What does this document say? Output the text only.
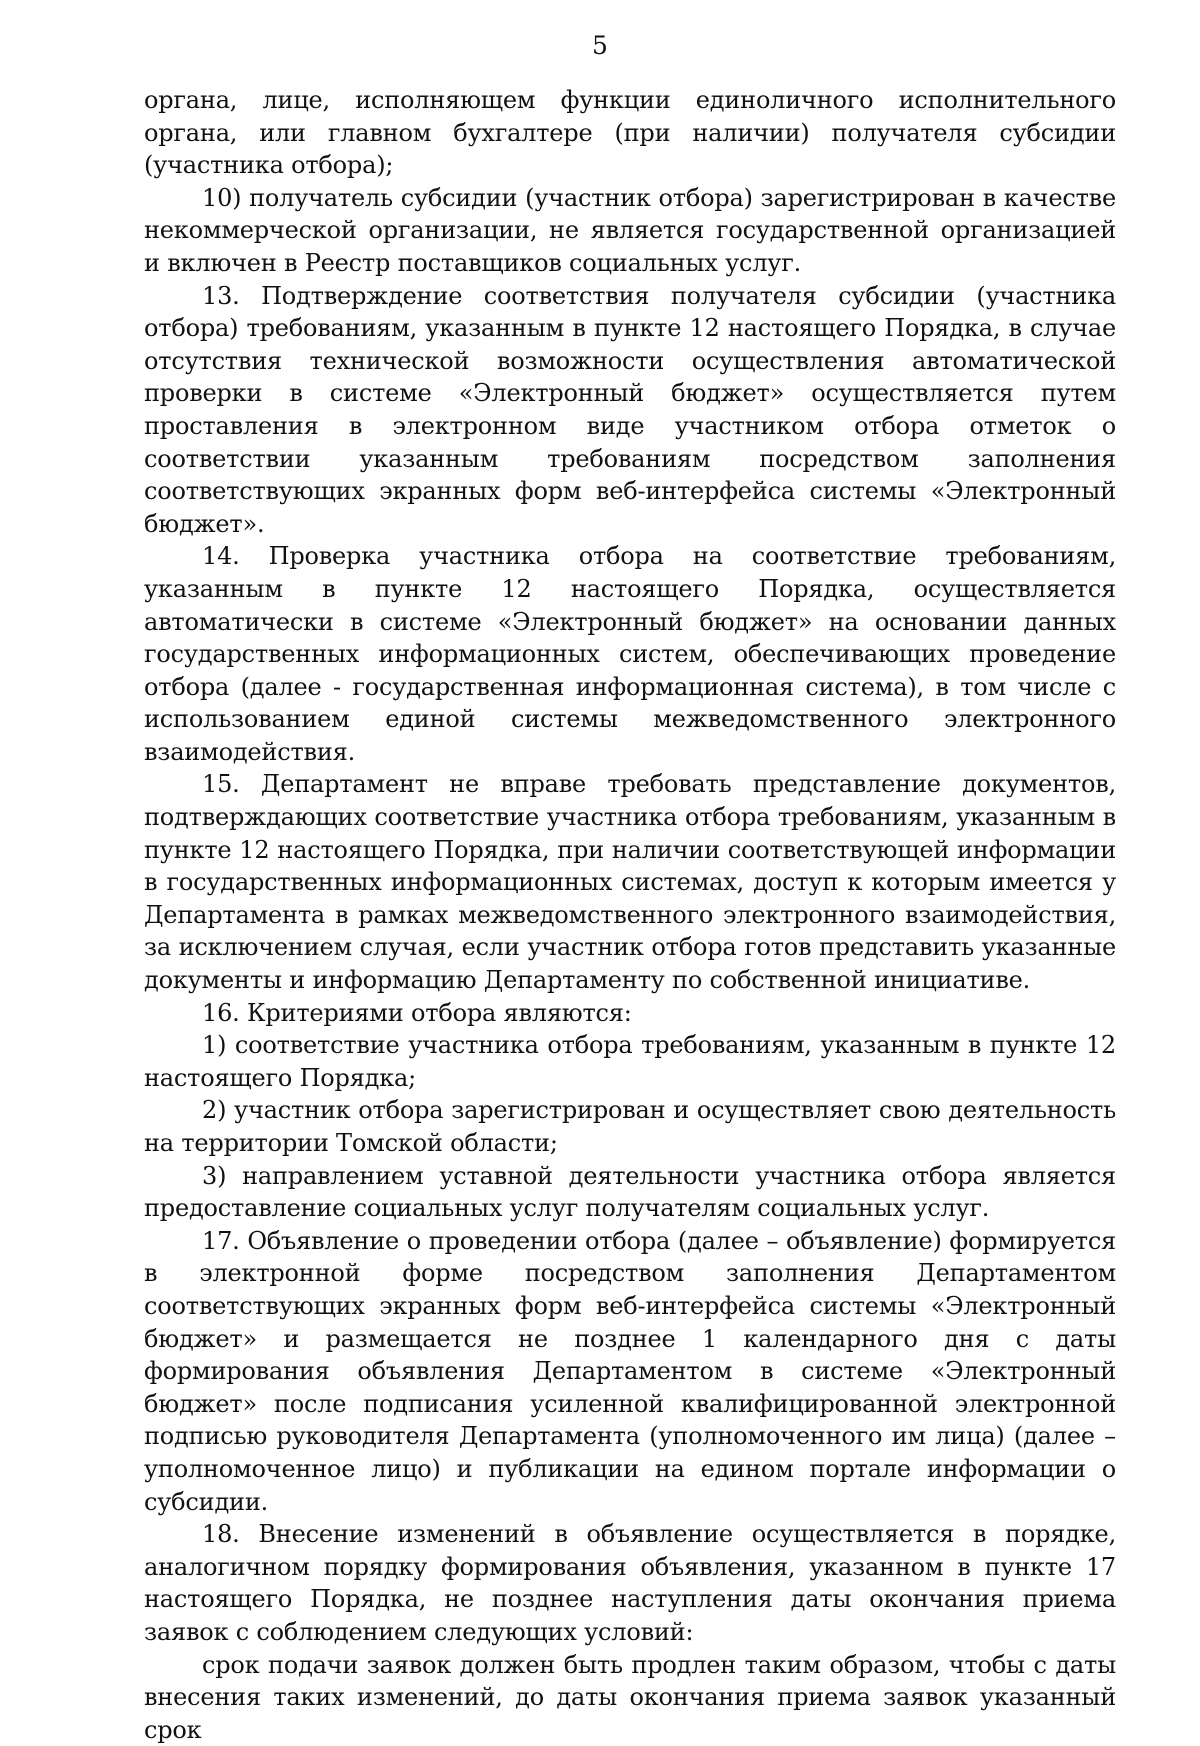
5

органа, лице, исполняющем функции единоличного исполнительного органа, или главном бухгалтере (при наличии) получателя субсидии (участника отбора);

10) получатель субсидии (участник отбора) зарегистрирован в качестве некоммерческой организации, не является государственной организацией и включен в Реестр поставщиков социальных услуг.

13. Подтверждение соответствия получателя субсидии (участника отбора) требованиям, указанным в пункте 12 настоящего Порядка, в случае отсутствия технической возможности осуществления автоматической проверки в системе «Электронный бюджет» осуществляется путем проставления в электронном виде участником отбора отметок о соответствии указанным требованиям посредством заполнения соответствующих экранных форм веб-интерфейса системы «Электронный бюджет».

14. Проверка участника отбора на соответствие требованиям, указанным в пункте 12 настоящего Порядка, осуществляется автоматически в системе «Электронный бюджет» на основании данных государственных информационных систем, обеспечивающих проведение отбора (далее - государственная информационная система), в том числе с использованием единой системы межведомственного электронного взаимодействия.

15. Департамент не вправе требовать представление документов, подтверждающих соответствие участника отбора требованиям, указанным в пункте 12 настоящего Порядка, при наличии соответствующей информации в государственных информационных системах, доступ к которым имеется у Департамента в рамках межведомственного электронного взаимодействия, за исключением случая, если участник отбора готов представить указанные документы и информацию Департаменту по собственной инициативе.

16. Критериями отбора являются:

1) соответствие участника отбора требованиям, указанным в пункте 12 настоящего Порядка;

2) участник отбора зарегистрирован и осуществляет свою деятельность на территории Томской области;

3) направлением уставной деятельности участника отбора является предоставление социальных услуг получателям социальных услуг.

17. Объявление о проведении отбора (далее – объявление) формируется в электронной форме посредством заполнения Департаментом соответствующих экранных форм веб-интерфейса системы «Электронный бюджет» и размещается не позднее 1 календарного дня с даты формирования объявления Департаментом в системе «Электронный бюджет» после подписания усиленной квалифицированной электронной подписью руководителя Департамента (уполномоченного им лица) (далее – уполномоченное лицо) и публикации на едином портале информации о субсидии.

18. Внесение изменений в объявление осуществляется в порядке, аналогичном порядку формирования объявления, указанном в пункте 17 настоящего Порядка, не позднее наступления даты окончания приема заявок с соблюдением следующих условий:

срок подачи заявок должен быть продлен таким образом, чтобы с даты внесения таких изменений, до даты окончания приема заявок указанный срок
